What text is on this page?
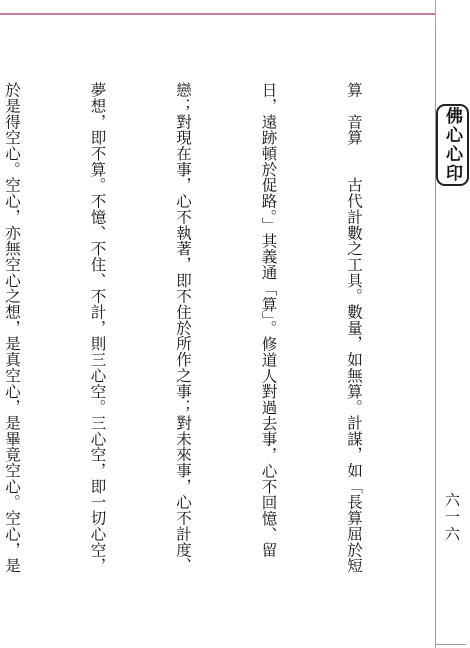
佛心心印
六一六

算　音算　　古代計數之工具。數量，如無算。計謀，如「長算屈於短

日，遠跡頓於促路。」其義通「算」。修道人對過去事，心不回憶、留

戀；對現在事，心不執著，即不住於所作之事；對未來事，心不計度、

夢想，即不算。不憶、不住、不計，則三心空。三心空，即一切心空，

於是得空心。空心，亦無空心之想，是真空心，是畢竟空心。空心，是
